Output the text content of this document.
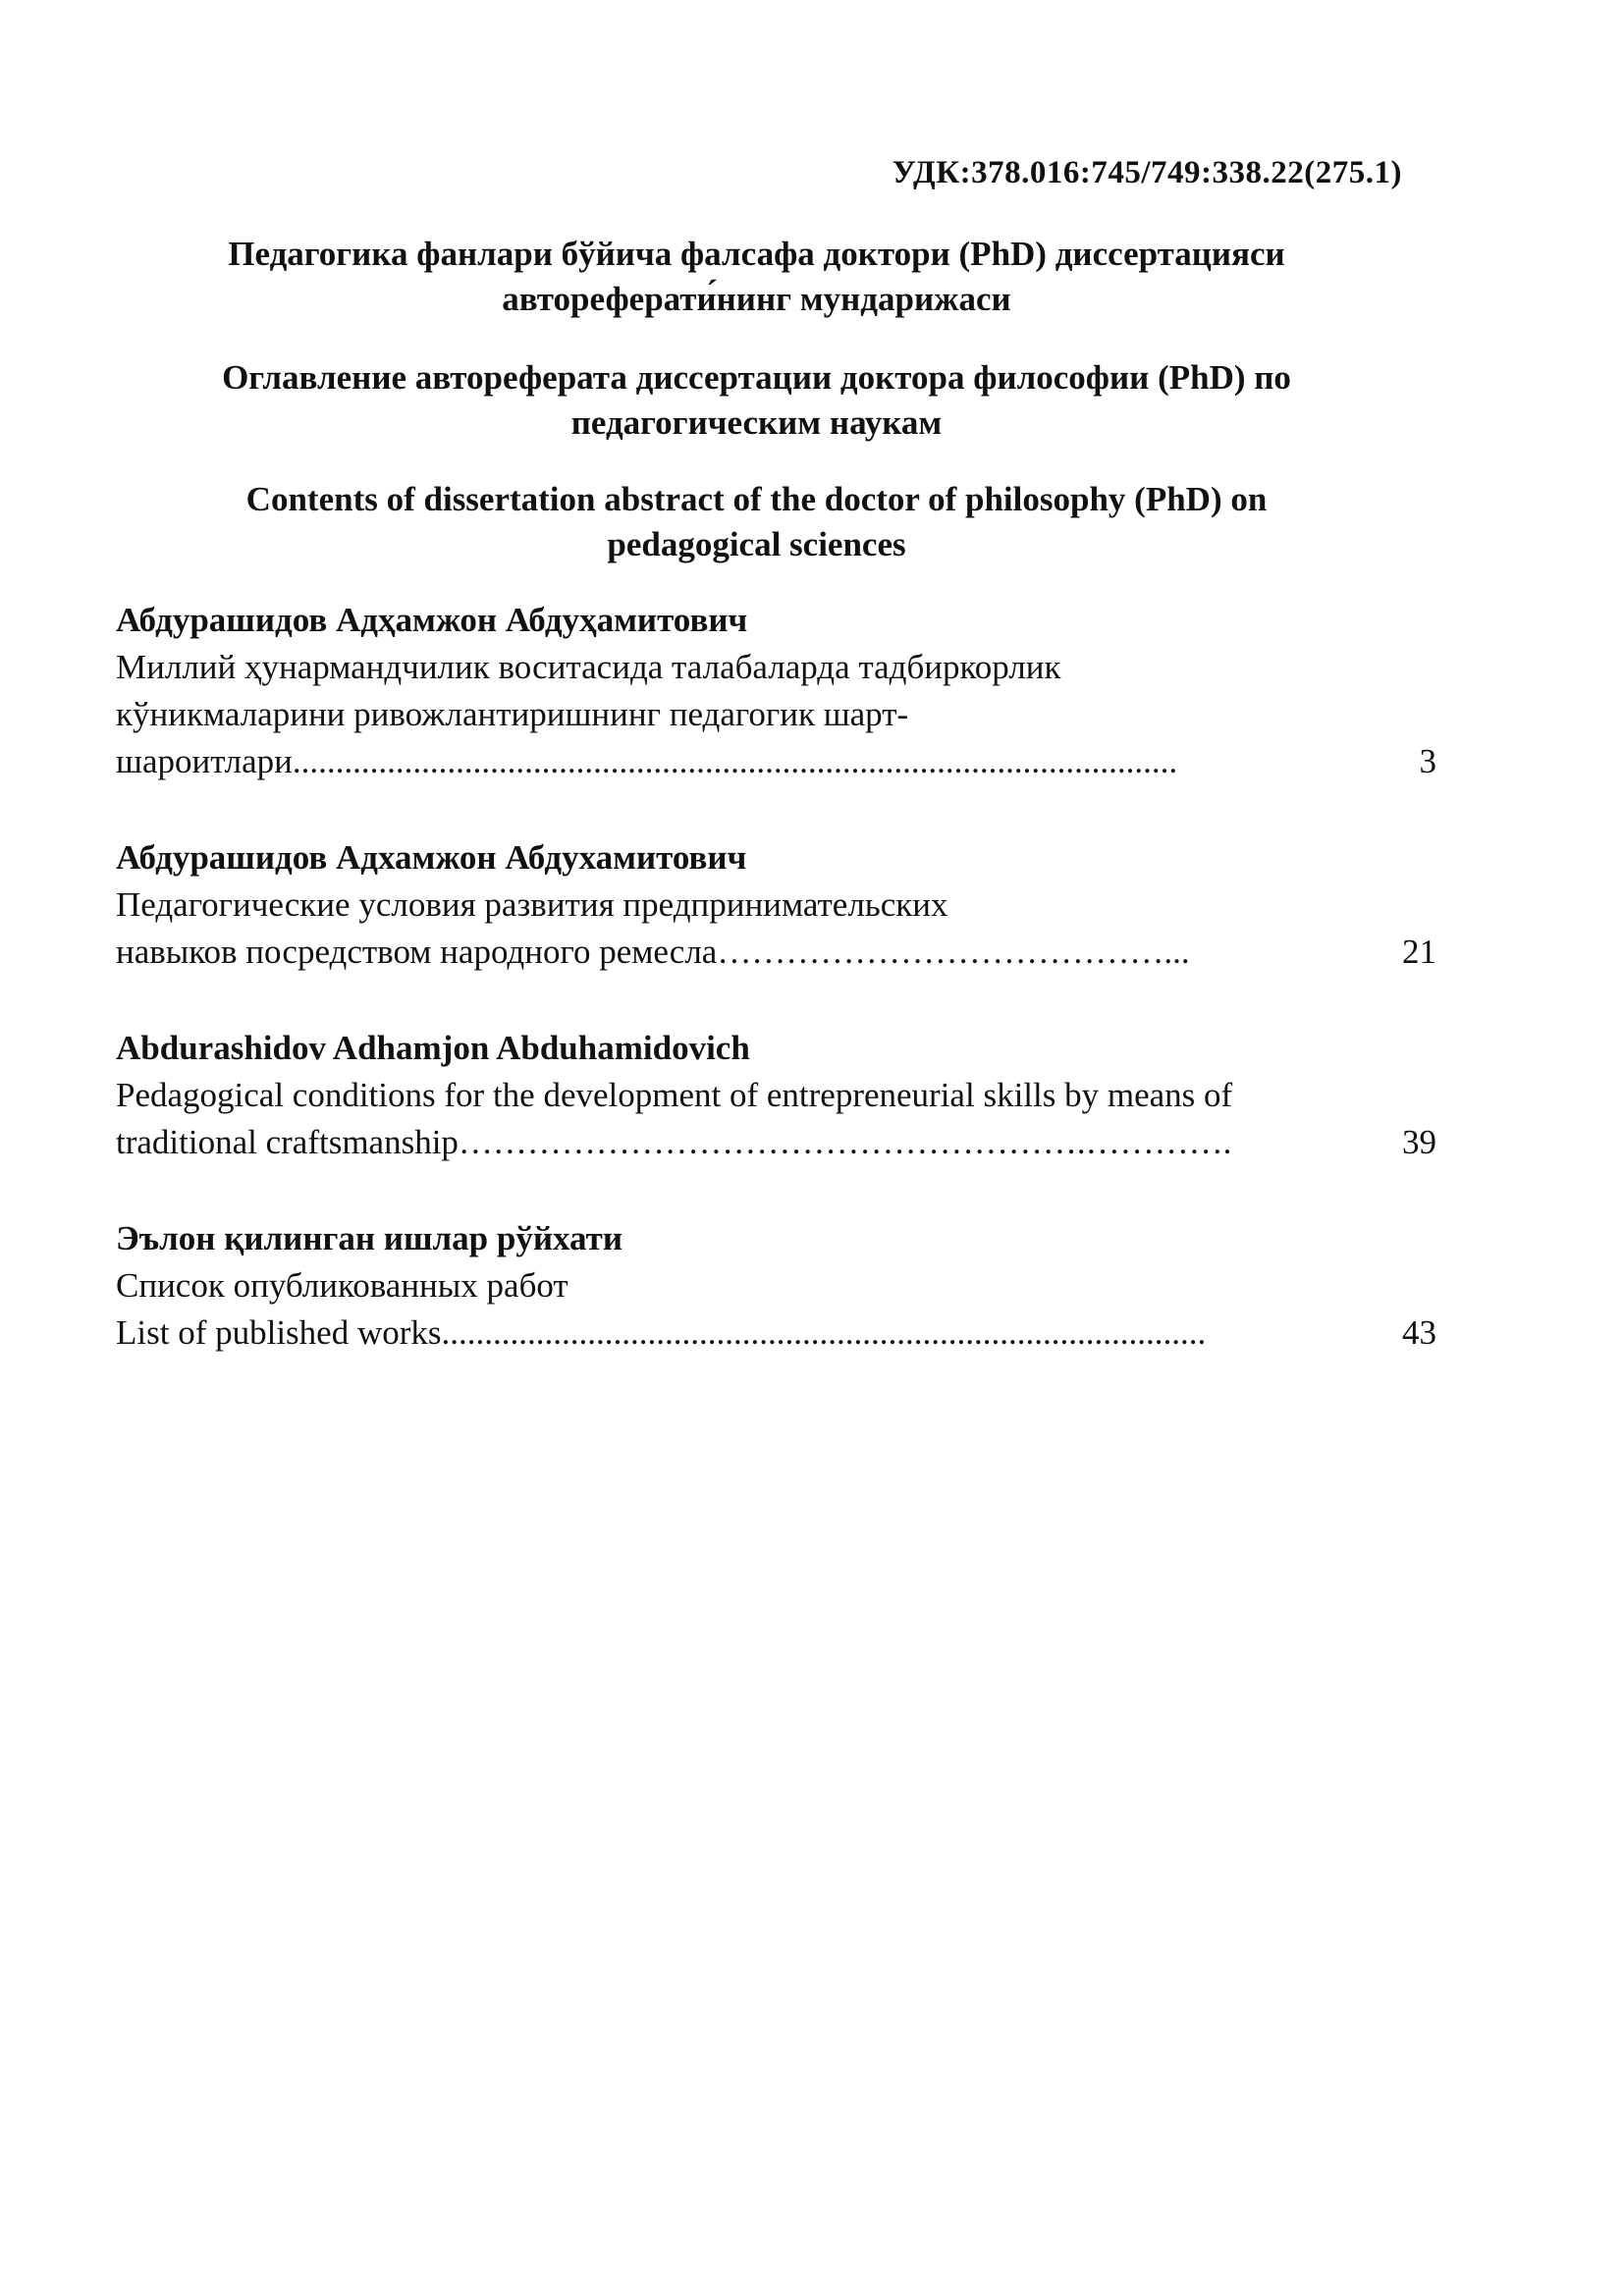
УДК:378.016:745/749:338.22(275.1)
Педагогика фанлари бўйича фалсафа доктори (PhD) диссертацияси
автореферати́нинг мундарижаси
Оглавление автореферата диссертации доктора философии (PhD) по
педагогическим наукам
Contents of dissertation abstract of the doctor of philosophy (PhD) on
pedagogical sciences
Абдурашидов Адҳамжон Абдуҳамитович
Миллий ҳунармандчилик воситасида талабаларда тадбиркорлик
кўникмаларини ривожлантиришнинг педагогик шарт-
шароитлари.......................................................................................................	3
Абдурашидов Адхамжон Абдухамитович
Педагогические условия развития предпринимательских
навыков посредством народного ремесла…………………………………...	21
Abdurashidov Adhamjon Abduhamidovich
Pedagogical conditions for the development of entrepreneurial skills by means of
traditional craftsmanship……………………………………………….………….	39
Эълон қилинган ишлар рўйхати
Список опубликованных работ
List of published works.........................................................................................	43
